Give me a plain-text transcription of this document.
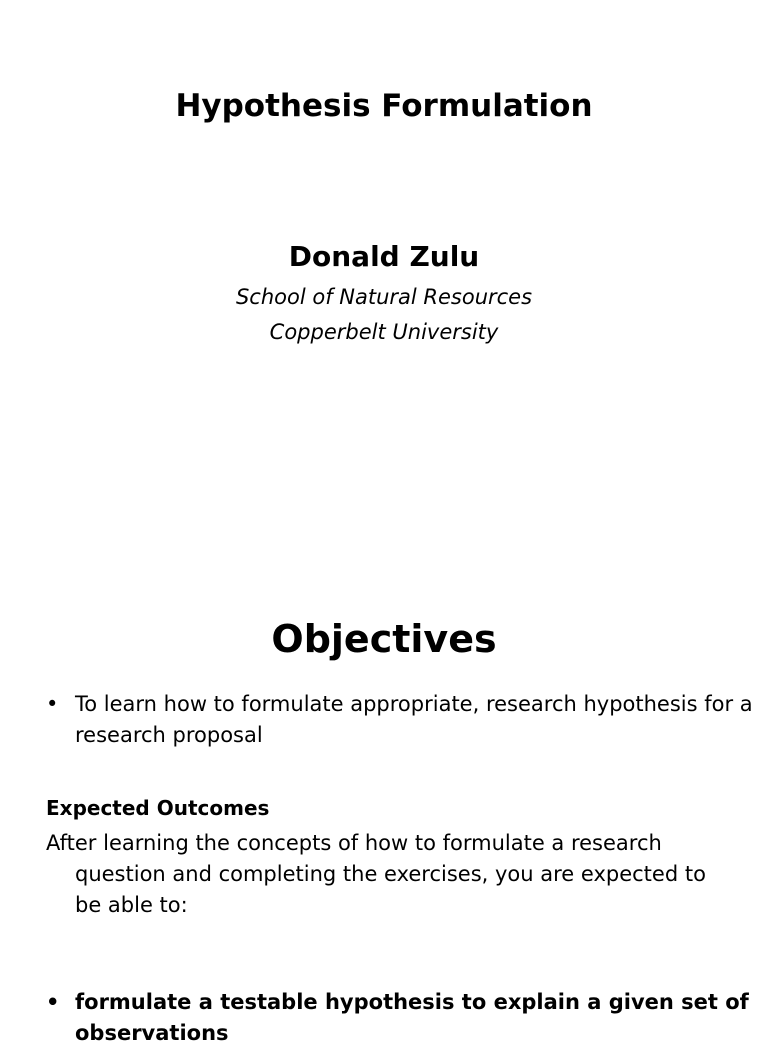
Hypothesis Formulation
Donald Zulu
School of Natural Resources
Copperbelt University
Objectives
• To learn how to formulate appropriate, research hypothesis for a research proposal
Expected Outcomes
After learning the concepts of how to formulate a research question and completing the exercises, you are expected to be able to:
• formulate a testable hypothesis to explain a given set of observations
